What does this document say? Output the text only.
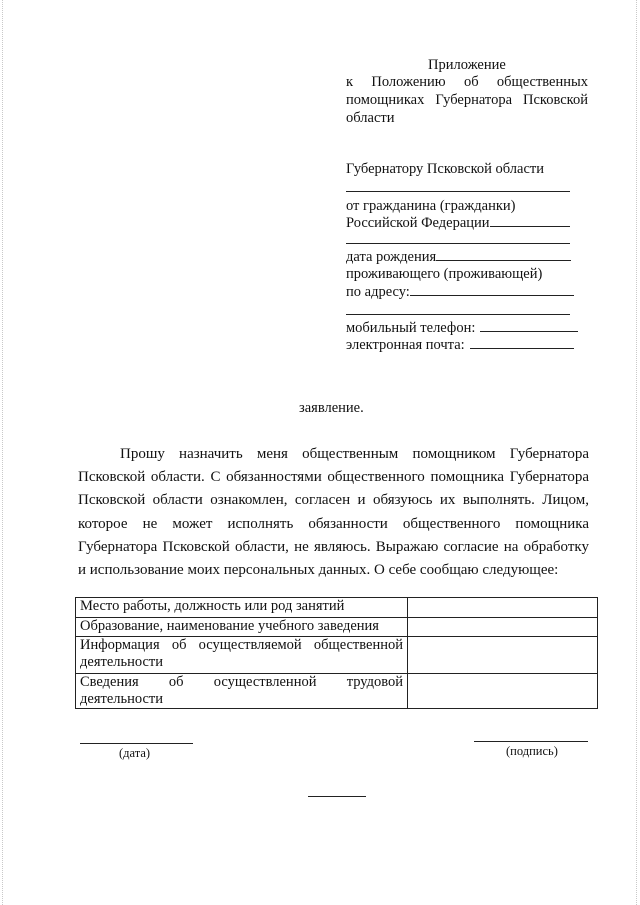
Приложение
к Положению об общественных помощниках Губернатора Псковской области
Губернатору Псковской области
от гражданина (гражданки)
Российской Федерации
дата рождения
проживающего (проживающей)
по адресу:
мобильный телефон:
электронная почта:
заявление.
Прошу назначить меня общественным помощником Губернатора Псковской области. С обязанностями общественного помощника Губернатора Псковской области ознакомлен, согласен и обязуюсь их выполнять. Лицом, которое не может исполнять обязанности общественного помощника Губернатора Псковской области, не являюсь. Выражаю согласие на обработку и использование моих персональных данных. О себе сообщаю следующее:
Место работы, должность или род занятий	
Образование, наименование учебного заведения	
Информация об осуществляемой общественной деятельности	
Сведения об осуществленной трудовой деятельности	
(дата)	(подпись)
